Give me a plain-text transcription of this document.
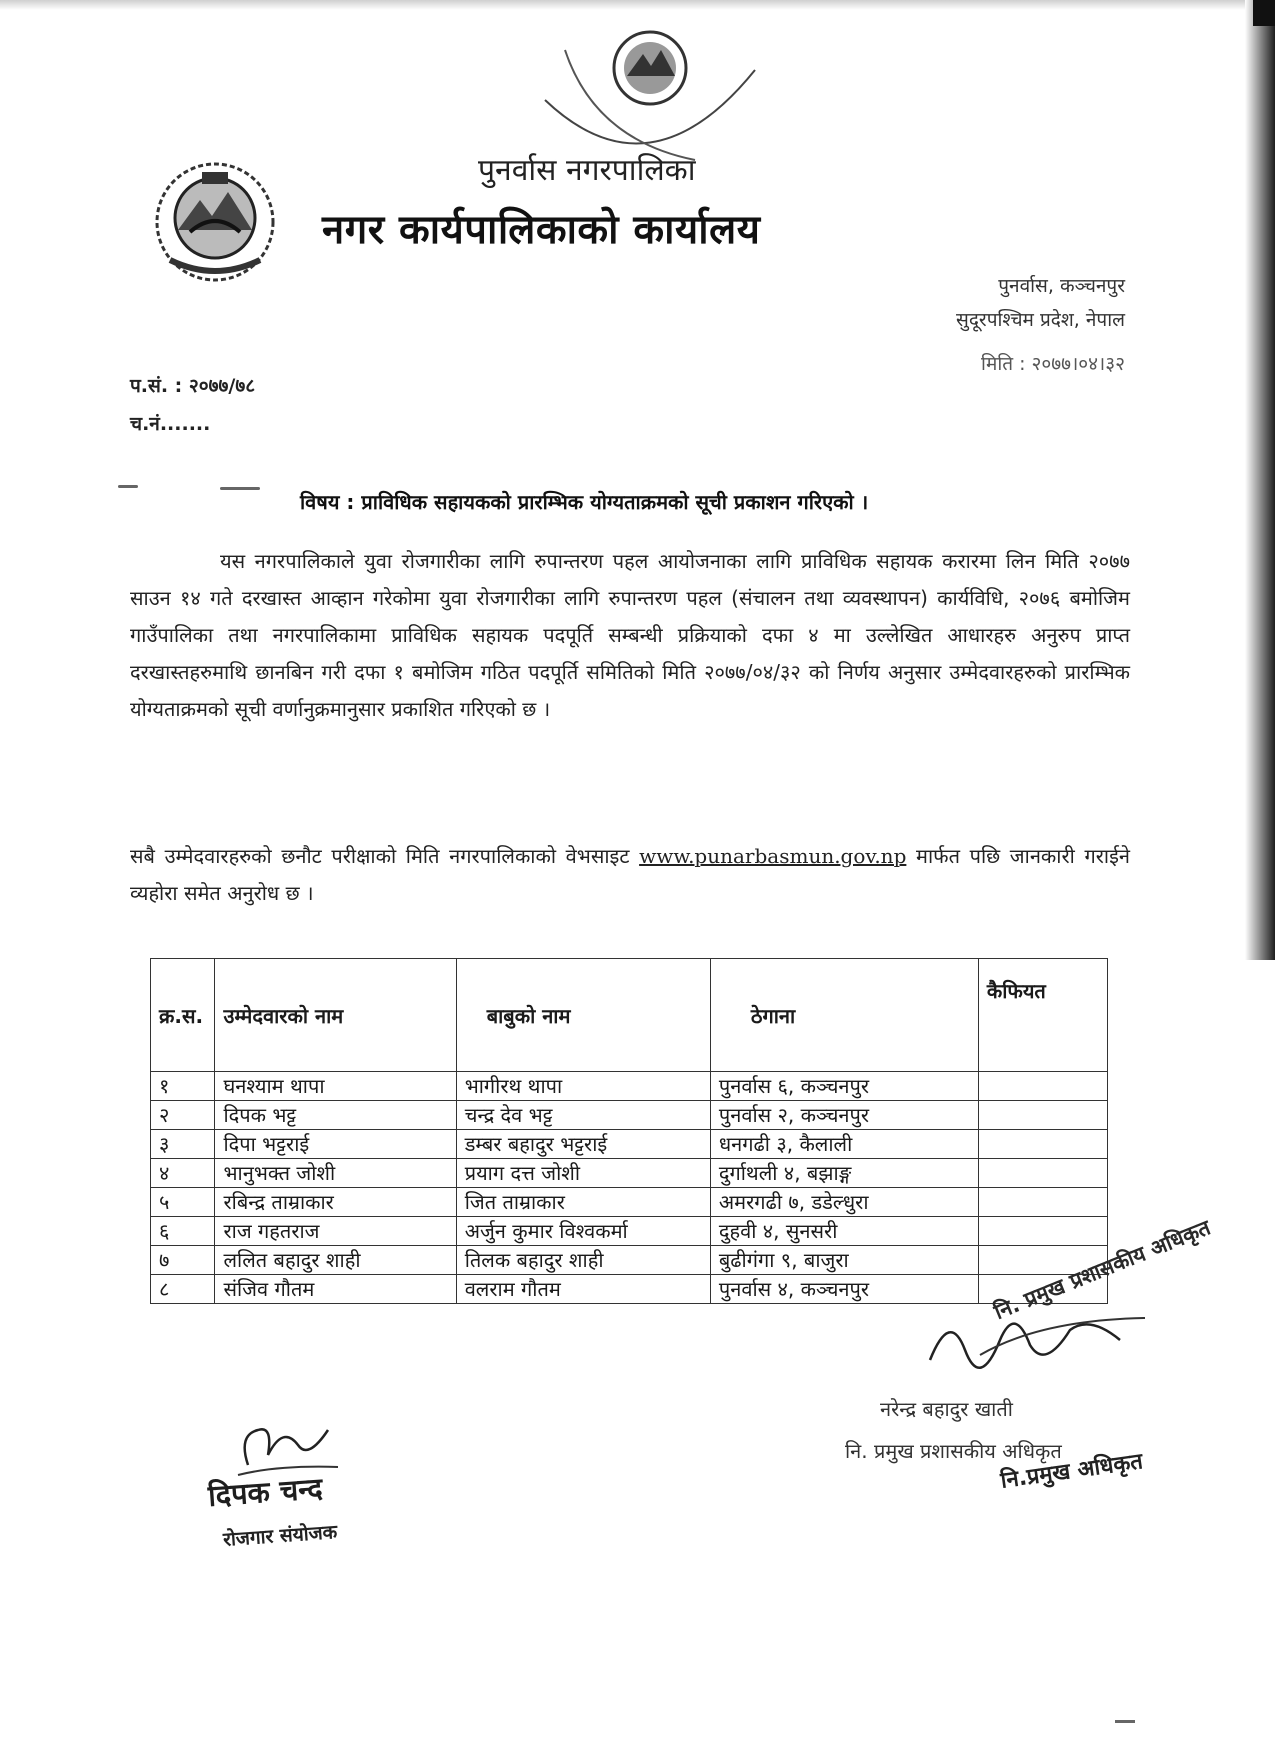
पुनर्वास नगरपालिका
नगर कार्यपालिकाको कार्यालय
पुनर्वास, कञ्चनपुर
सुदूरपश्चिम प्रदेश, नेपाल
मिति : २०७७।०४।३२
प.सं. : २०७७/७८
च.नं.......
विषय : प्राविधिक सहायकको प्रारम्भिक योग्यताक्रमको सूची प्रकाशन गरिएको ।
यस नगरपालिकाले युवा रोजगारीका लागि रुपान्तरण पहल आयोजनाका लागि प्राविधिक सहायक करारमा लिन मिति २०७७ साउन १४ गते दरखास्त आव्हान गरेकोमा युवा रोजगारीका लागि रुपान्तरण पहल (संचालन तथा व्यवस्थापन) कार्यविधि, २०७६ बमोजिम गाउँपालिका तथा नगरपालिकामा प्राविधिक सहायक पदपूर्ति सम्बन्धी प्रक्रियाको दफा ४ मा उल्लेखित आधारहरु अनुरुप प्राप्त दरखास्तहरुमाथि छानबिन गरी दफा १ बमोजिम गठित पदपूर्ति समितिको मिति २०७७/०४/३२ को निर्णय अनुसार उम्मेदवारहरुको प्रारम्भिक योग्यताक्रमको सूची वर्णानुक्रमानुसार प्रकाशित गरिएको छ ।
सबै उम्मेदवारहरुको छनौट परीक्षाको मिति नगरपालिकाको वेभसाइट www.punarbasmun.gov.np मार्फत पछि जानकारी गराईने व्यहोरा समेत अनुरोध छ ।
क्र.स.	उम्मेदवारको नाम	बाबुको नाम	ठेगाना	कैफियत
१	घनश्याम थापा	भागीरथ थापा	पुनर्वास ६, कञ्चनपुर	
२	दिपक भट्ट	चन्द्र देव भट्ट	पुनर्वास २, कञ्चनपुर	
३	दिपा भट्टराई	डम्बर बहादुर भट्टराई	धनगढी ३, कैलाली	
४	भानुभक्त जोशी	प्रयाग दत्त जोशी	दुर्गाथली ४, बझाङ्ग	
५	रबिन्द्र ताम्राकार	जित ताम्राकार	अमरगढी ७, डडेल्धुरा	
६	राज गहतराज	अर्जुन कुमार विश्वकर्मा	दुहवी ४, सुनसरी	
७	ललित बहादुर शाही	तिलक बहादुर शाही	बुढीगंगा ९, बाजुरा	
८	संजिव गौतम	वलराम गौतम	पुनर्वास ४, कञ्चनपुर		नि. प्रमुख प्रशासकीय अधिकृत
नरेन्द्र बहादुर खाती
नि. प्रमुख प्रशासकीय अधिकृत
नि.प्रमुख अधिकृत
दिपक चन्द
रोजगार संयोजक
